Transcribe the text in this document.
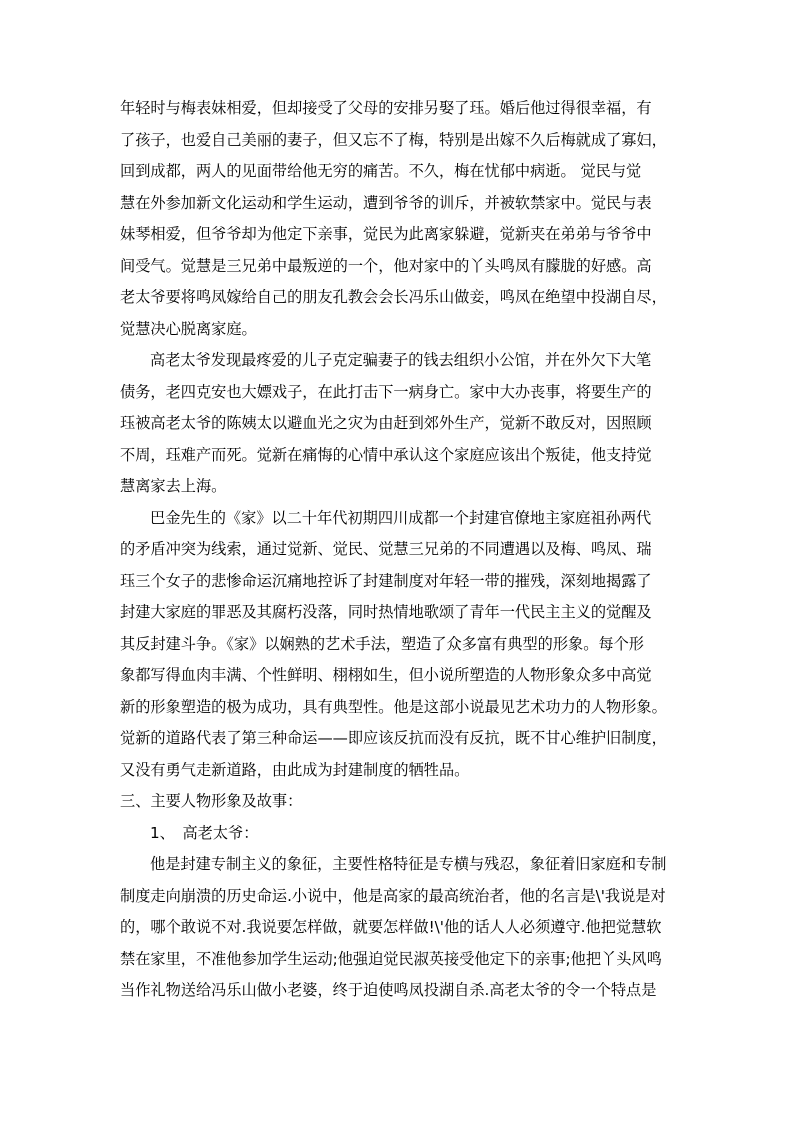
年轻时与梅表妹相爱，但却接受了父母的安排另娶了珏。婚后他过得很幸福，有
了孩子，也爱自己美丽的妻子，但又忘不了梅，特别是出嫁不久后梅就成了寡妇，
回到成都，两人的见面带给他无穷的痛苦。不久，梅在忧郁中病逝。 觉民与觉
慧在外参加新文化运动和学生运动，遭到爷爷的训斥，并被软禁家中。觉民与表
妹琴相爱，但爷爷却为他定下亲事，觉民为此离家躲避，觉新夹在弟弟与爷爷中
间受气。觉慧是三兄弟中最叛逆的一个，他对家中的丫头鸣凤有朦胧的好感。高
老太爷要将鸣凤嫁给自己的朋友孔教会会长冯乐山做妾，鸣凤在绝望中投湖自尽，
觉慧决心脱离家庭。
高老太爷发现最疼爱的儿子克定骗妻子的钱去组织小公馆，并在外欠下大笔
债务，老四克安也大嫖戏子，在此打击下一病身亡。家中大办丧事，将要生产的
珏被高老太爷的陈姨太以避血光之灾为由赶到郊外生产，觉新不敢反对，因照顾
不周，珏难产而死。觉新在痛悔的心情中承认这个家庭应该出个叛徒，他支持觉
慧离家去上海。
巴金先生的《家》以二十年代初期四川成都一个封建官僚地主家庭祖孙两代
的矛盾冲突为线索，通过觉新、觉民、觉慧三兄弟的不同遭遇以及梅、鸣凤、瑞
珏三个女子的悲惨命运沉痛地控诉了封建制度对年轻一带的摧残，深刻地揭露了
封建大家庭的罪恶及其腐朽没落，同时热情地歌颂了青年一代民主主义的觉醒及
其反封建斗争。《家》以娴熟的艺术手法，塑造了众多富有典型的形象。每个形
象都写得血肉丰满、个性鲜明、栩栩如生，但小说所塑造的人物形象众多中高觉
新的形象塑造的极为成功，具有典型性。他是这部小说最见艺术功力的人物形象。
觉新的道路代表了第三种命运——即应该反抗而没有反抗，既不甘心维护旧制度，
又没有勇气走新道路，由此成为封建制度的牺牲品。
三、主要人物形象及故事：
1、　高老太爷：
他是封建专制主义的象征，主要性格特征是专横与残忍，象征着旧家庭和专制
制度走向崩溃的历史命运.小说中，他是高家的最高统治者，他的名言是\'我说是对
的，哪个敢说不对.我说要怎样做，就要怎样做!\'他的话人人必须遵守.他把觉慧软
禁在家里，不准他参加学生运动;他强迫觉民淑英接受他定下的亲事;他把丫头风鸣
当作礼物送给冯乐山做小老婆，终于迫使鸣凤投湖自杀.高老太爷的令一个特点是
